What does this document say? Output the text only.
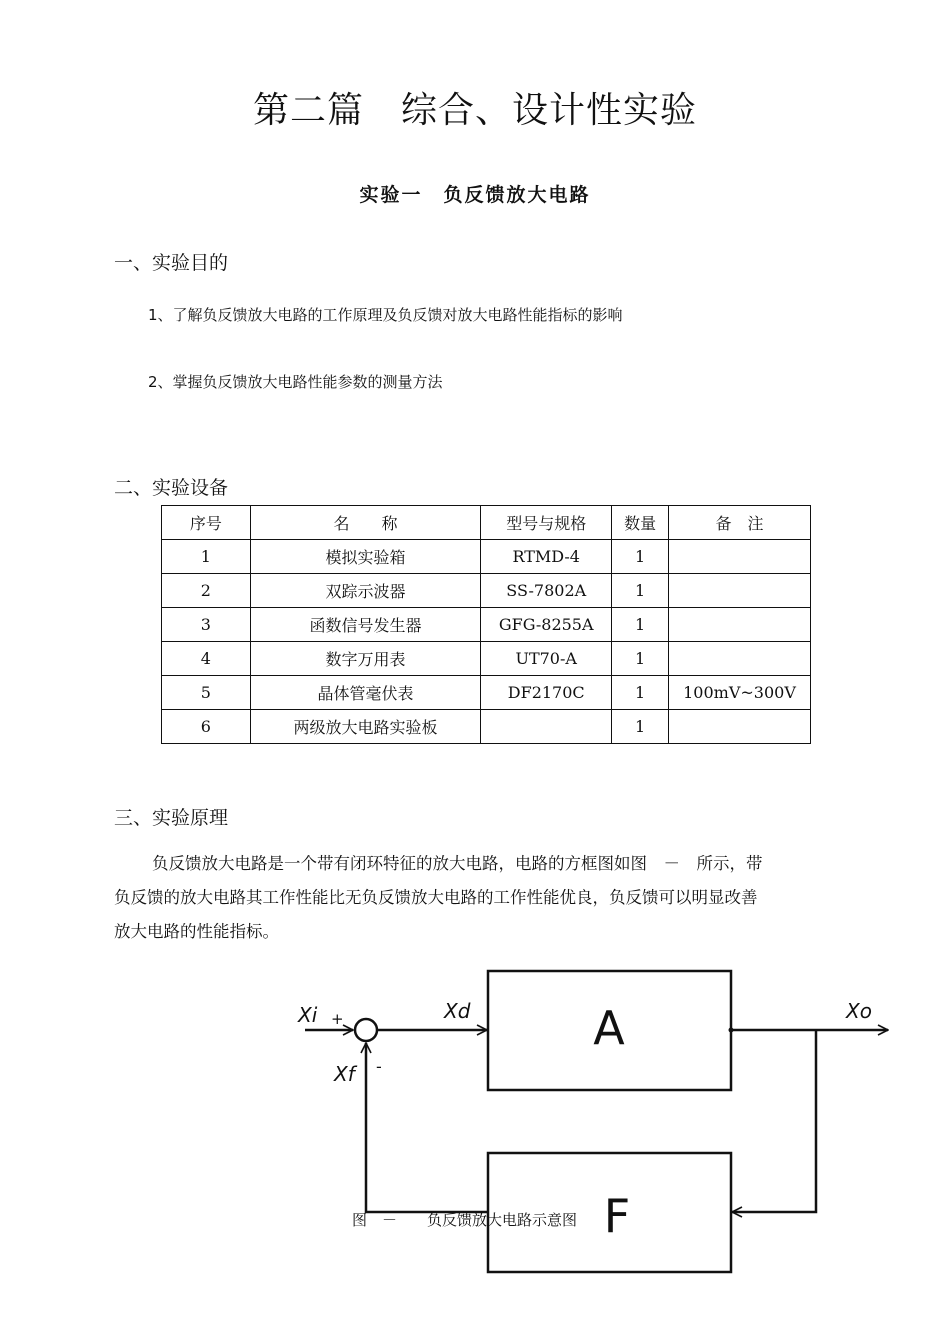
第二篇　综合、设计性实验
实验一　负反馈放大电路
一、实验目的
1、了解负反馈放大电路的工作原理及负反馈对放大电路性能指标的影响
2、掌握负反馈放大电路性能参数的测量方法
二、实验设备
序号	名　　称	型号与规格	数量	备　注
1	模拟实验箱	RTMD-4	1	
2	双踪示波器	SS-7802A	1	
3	函数信号发生器	GFG-8255A	1	
4	数字万用表	UT70-A	1	
5	晶体管毫伏表	DF2170C	1	100mV~300V
6	两级放大电路实验板		1	
三、实验原理

负反馈放大电路是一个带有闭环特征的放大电路，电路的方框图如图　－　所示，带

负反馈的放大电路其工作性能比无负反馈放大电路的工作性能优良，负反馈可以明显改善

放大电路的性能指标。

A
F
Xi +
Xf -
Xd	Xo
图　－　　负反馈放大电路示意图
